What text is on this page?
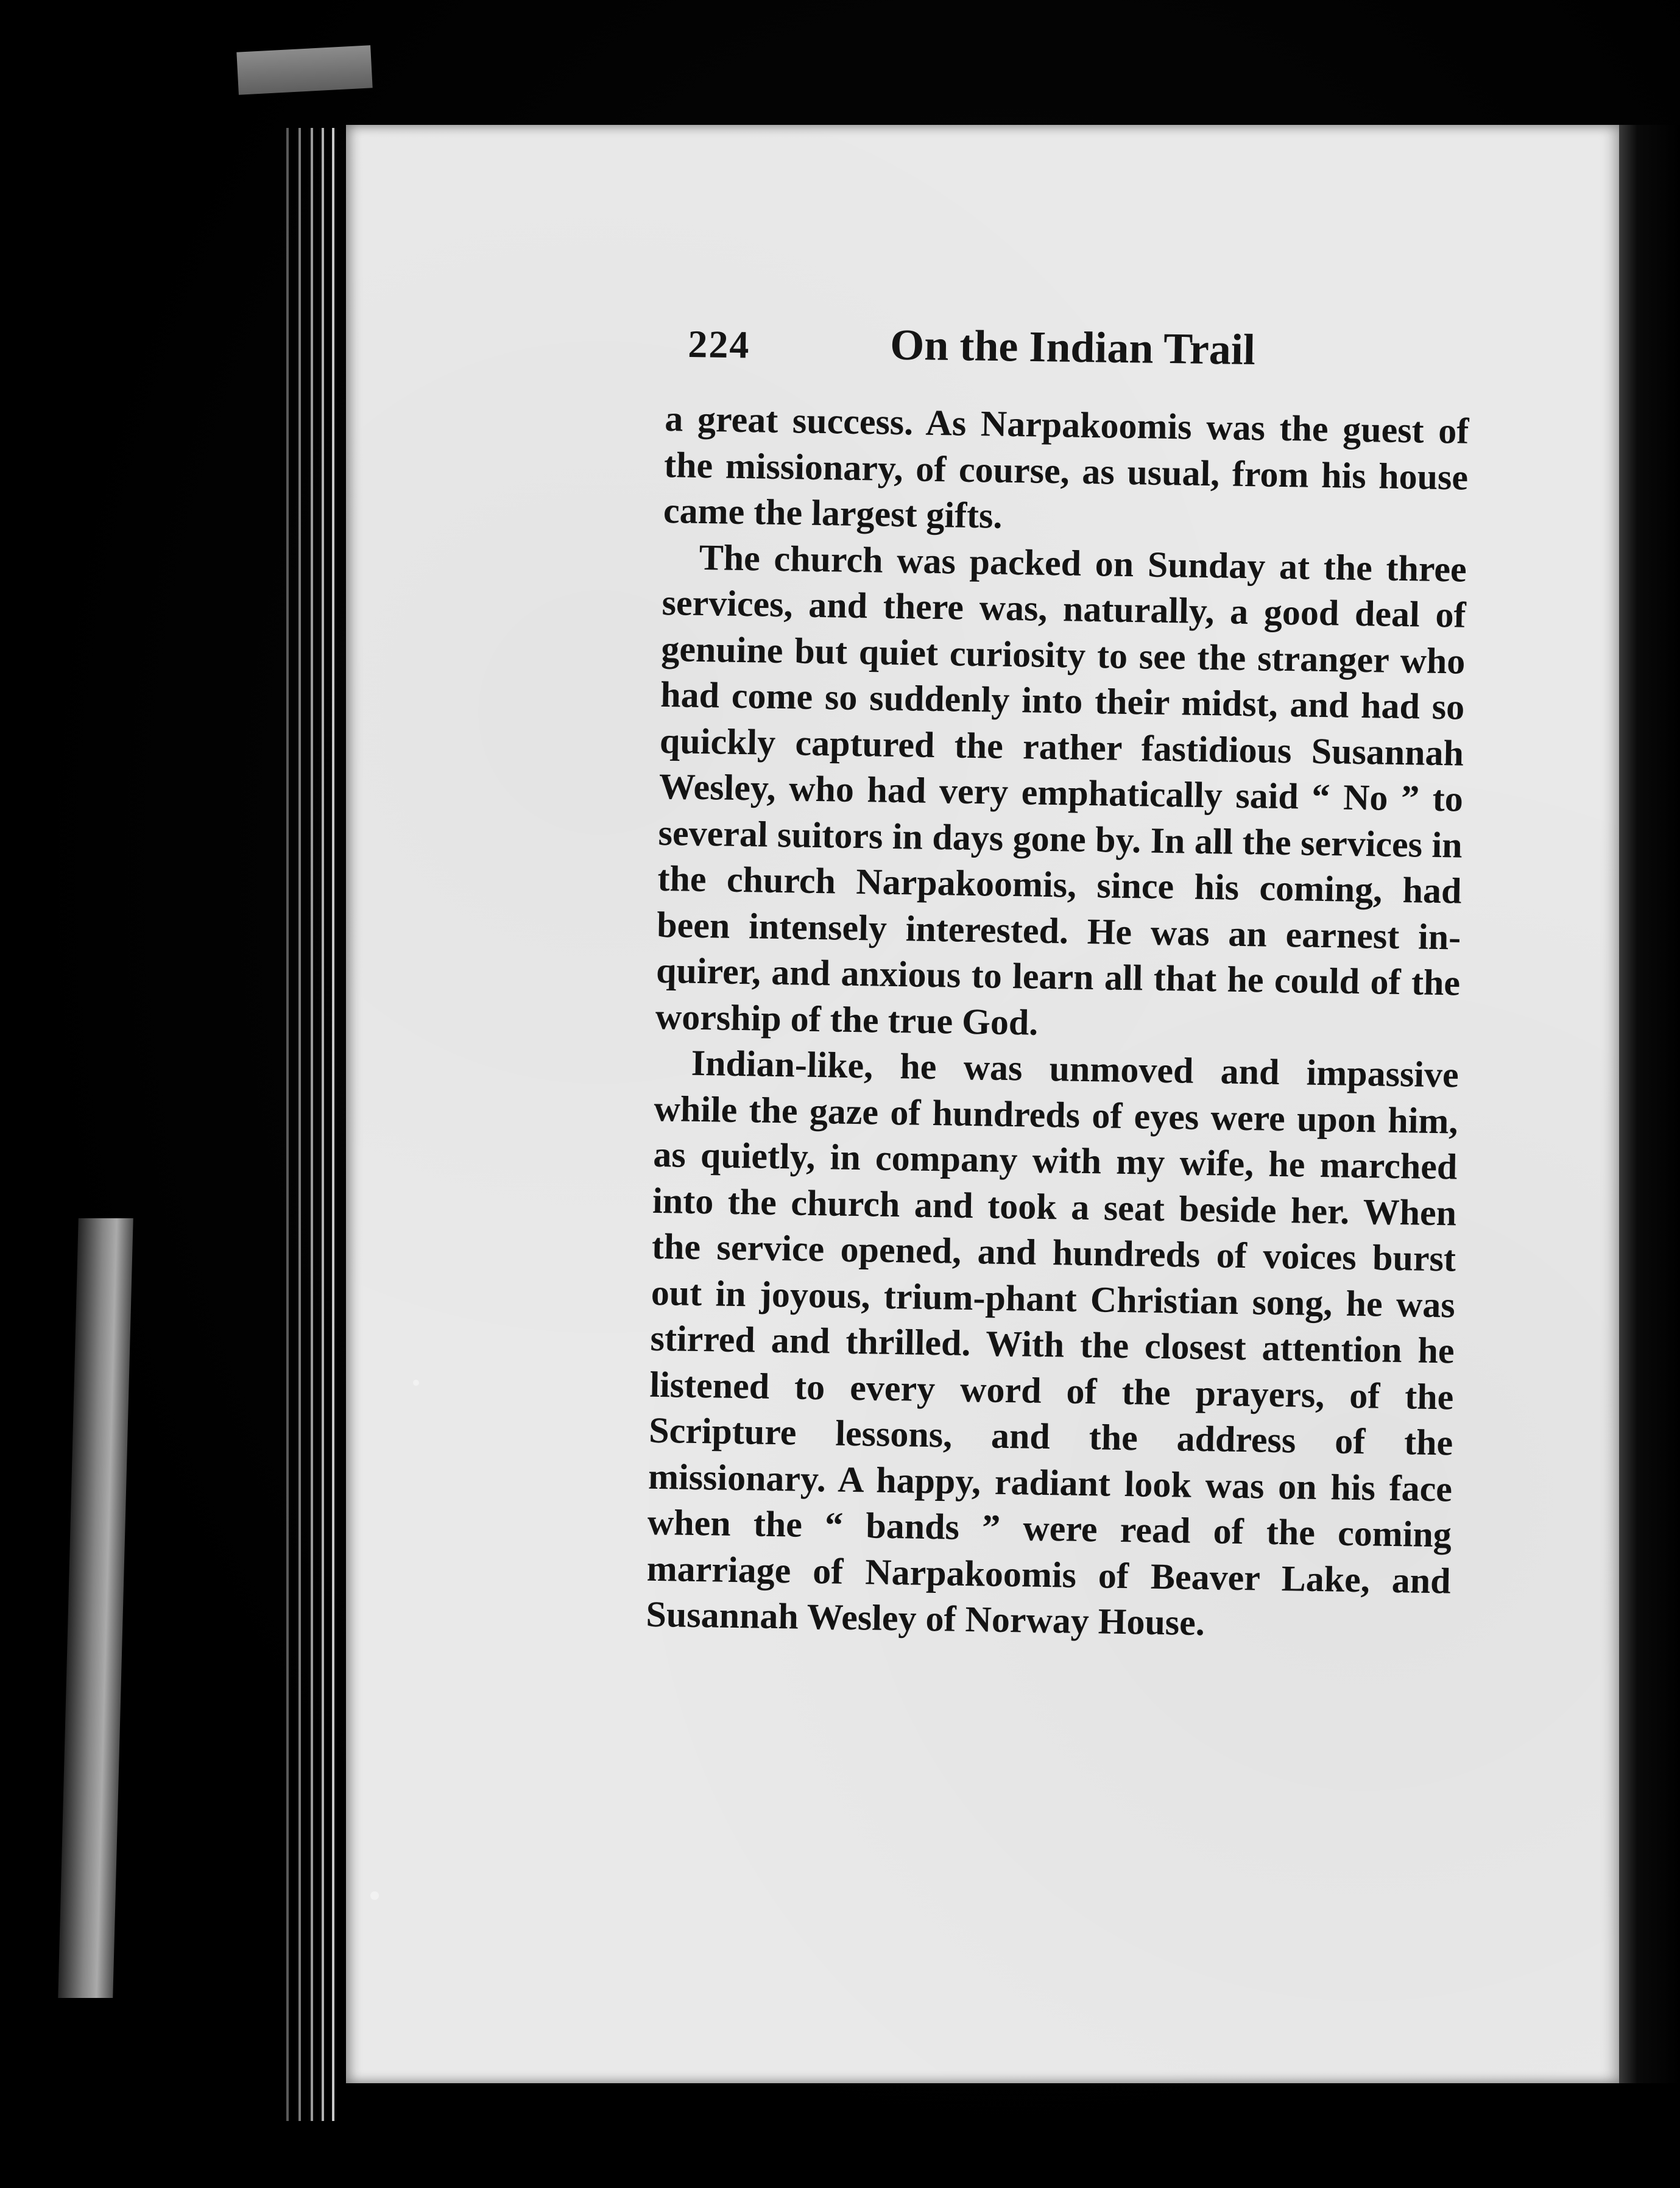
224	On the Indian Trail

a great success. As Narpakoomis was the guest of the missionary, of course, as usual, from his house came the largest gifts.

The church was packed on Sunday at the three services, and there was, naturally, a good deal of genuine but quiet curiosity to see the stranger who had come so suddenly into their midst, and had so quickly captured the rather fastidious Susannah Wesley, who had very emphatically said “ No ” to several suitors in days gone by. In all the services in the church Narpakoomis, since his coming, had been intensely interested. He was an earnest in-quirer, and anxious to learn all that he could of the worship of the true God.

Indian-like, he was unmoved and impassive while the gaze of hundreds of eyes were upon him, as quietly, in company with my wife, he marched into the church and took a seat beside her. When the service opened, and hundreds of voices burst out in joyous, trium-phant Christian song, he was stirred and thrilled. With the closest attention he listened to every word of the prayers, of the Scripture lessons, and the address of the missionary. A happy, radiant look was on his face when the “ bands ” were read of the coming marriage of Narpakoomis of Beaver Lake, and Susannah Wesley of Norway House.
